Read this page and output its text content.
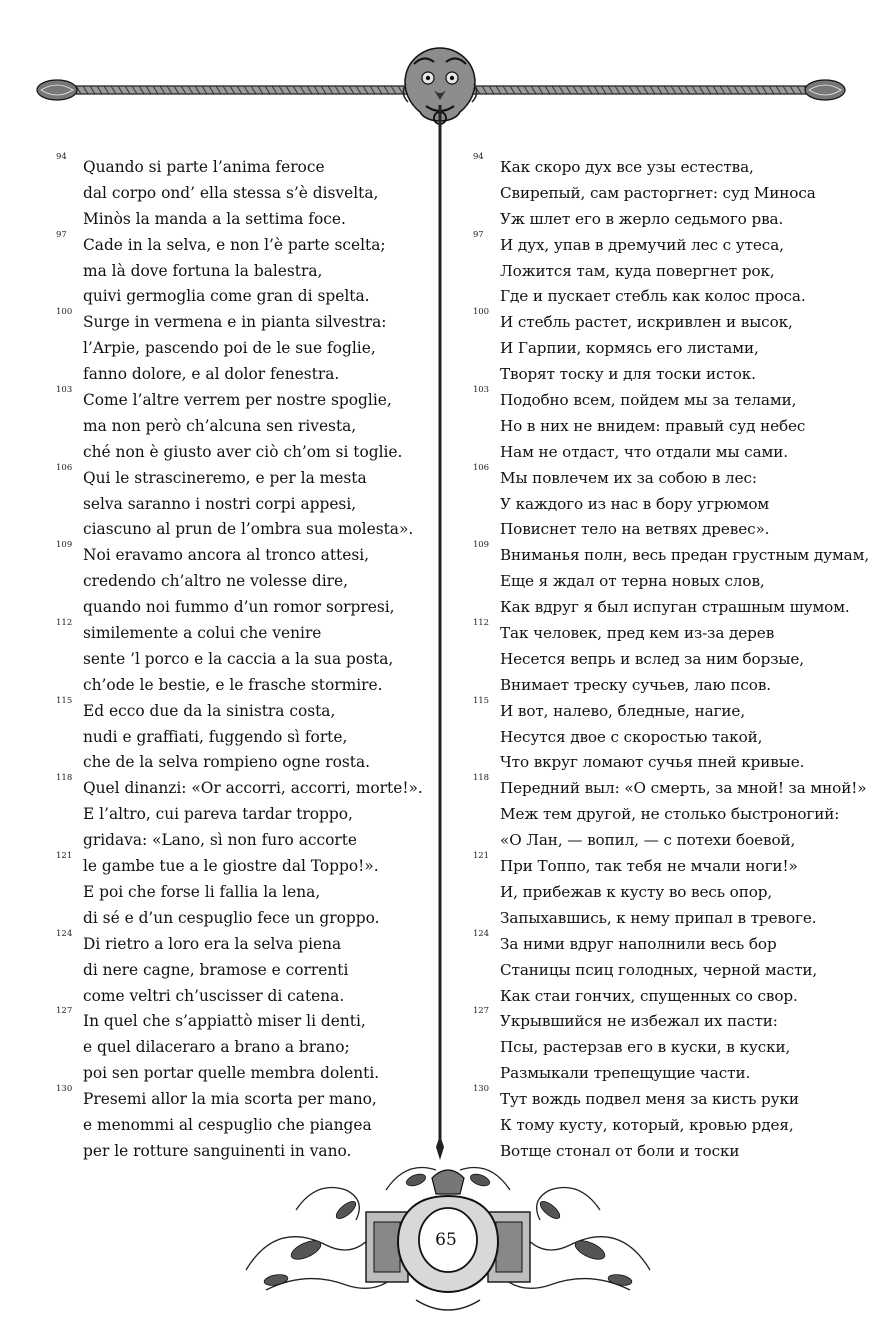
94
Quando si parte l’anima feroce
dal corpo ond’ ella stessa s’è disvelta,
Minòs la manda a la settima foce.
97
Cade in la selva, e non l’è parte scelta;
ma là dove fortuna la balestra,
quivi germoglia come gran di spelta.
100
Surge in vermena e in pianta silvestra:
l’Arpie, pascendo poi de le sue foglie,
fanno dolore, e al dolor fenestra.
103
Come l’altre verrem per nostre spoglie,
ma non però ch’alcuna sen rivesta,
ché non è giusto aver ciò ch’om si toglie.
106
Qui le strascineremo, e per la mesta
selva saranno i nostri corpi appesi,
ciascuno al prun de l’ombra sua molesta».
109
Noi eravamo ancora al tronco attesi,
credendo ch’altro ne volesse dire,
quando noi fummo d’un romor sorpresi,
112
similemente a colui che venire
sente ’l porco e la caccia a la sua posta,
ch’ode le bestie, e le frasche stormire.
115
Ed ecco due da la sinistra costa,
nudi e graffiati, fuggendo sì forte,
che de la selva rompieno ogne rosta.
118
Quel dinanzi: «Or accorri, accorri, morte!».
E l’altro, cui pareva tardar troppo,
gridava: «Lano, sì non furo accorte
121
le gambe tue a le giostre dal Toppo!».
E poi che forse li fallia la lena,
di sé e d’un cespuglio fece un groppo.
124
Di rietro a loro era la selva piena
di nere cagne, bramose e correnti
come veltri ch’uscisser di catena.
127
In quel che s’appiattò miser li denti,
e quel dilaceraro a brano a brano;
poi sen portar quelle membra dolenti.
130
Presemi allor la mia scorta per mano,
e menommi al cespuglio che piangea
per le rotture sanguinenti in vano.
94
Как скоро дух все узы естества,
Свирепый, сам расторгнет: суд Миноса
Уж шлет его в жерло седьмого рва.
97
И дух, упав в дремучий лес с утеса,
Ложится там, куда повергнет рок,
Где и пускает стебль как колос проса.
100
И стебль растет, искривлен и высок,
И Гарпии, кормясь его листами,
Творят тоску и для тоски исток.
103
Подобно всем, пойдем мы за телами,
Но в них не внидем: правый суд небес
Нам не отдаст, что отдали мы сами.
106
Мы повлечем их за собою в лес:
У каждого из нас в бору угрюмом
Повиснет тело на ветвях древес».
109
Вниманья полн, весь предан грустным думам,
Еще я ждал от терна новых слов,
Как вдруг я был испуган страшным шумом.
112
Так человек, пред кем из-за дерев
Несется вепрь и вслед за ним борзые,
Внимает треску сучьев, лаю псов.
115
И вот, налево, бледные, нагие,
Несутся двое с скоростью такой,
Что вкруг ломают сучья пней кривые.
118
Передний выл: «О смерть, за мной! за мной!»
Меж тем другой, не столько быстроногий:
«О Лан, — вопил, — с потехи боевой,
121
При Топпо, так тебя не мчали ноги!»
И, прибежав к кусту во весь опор,
Запыхавшись, к нему припал в тревоге.
124
За ними вдруг наполнили весь бор
Станицы псиц голодных, черной масти,
Как стаи гончих, спущенных со свор.
127
Укрывшийся не избежал их пасти:
Псы, растерзав его в куски, в куски,
Размыкали трепещущие части.
130
Тут вождь подвел меня за кисть руки
К тому кусту, который, кровью рдея,
Вотще стонал от боли и тоски
65
